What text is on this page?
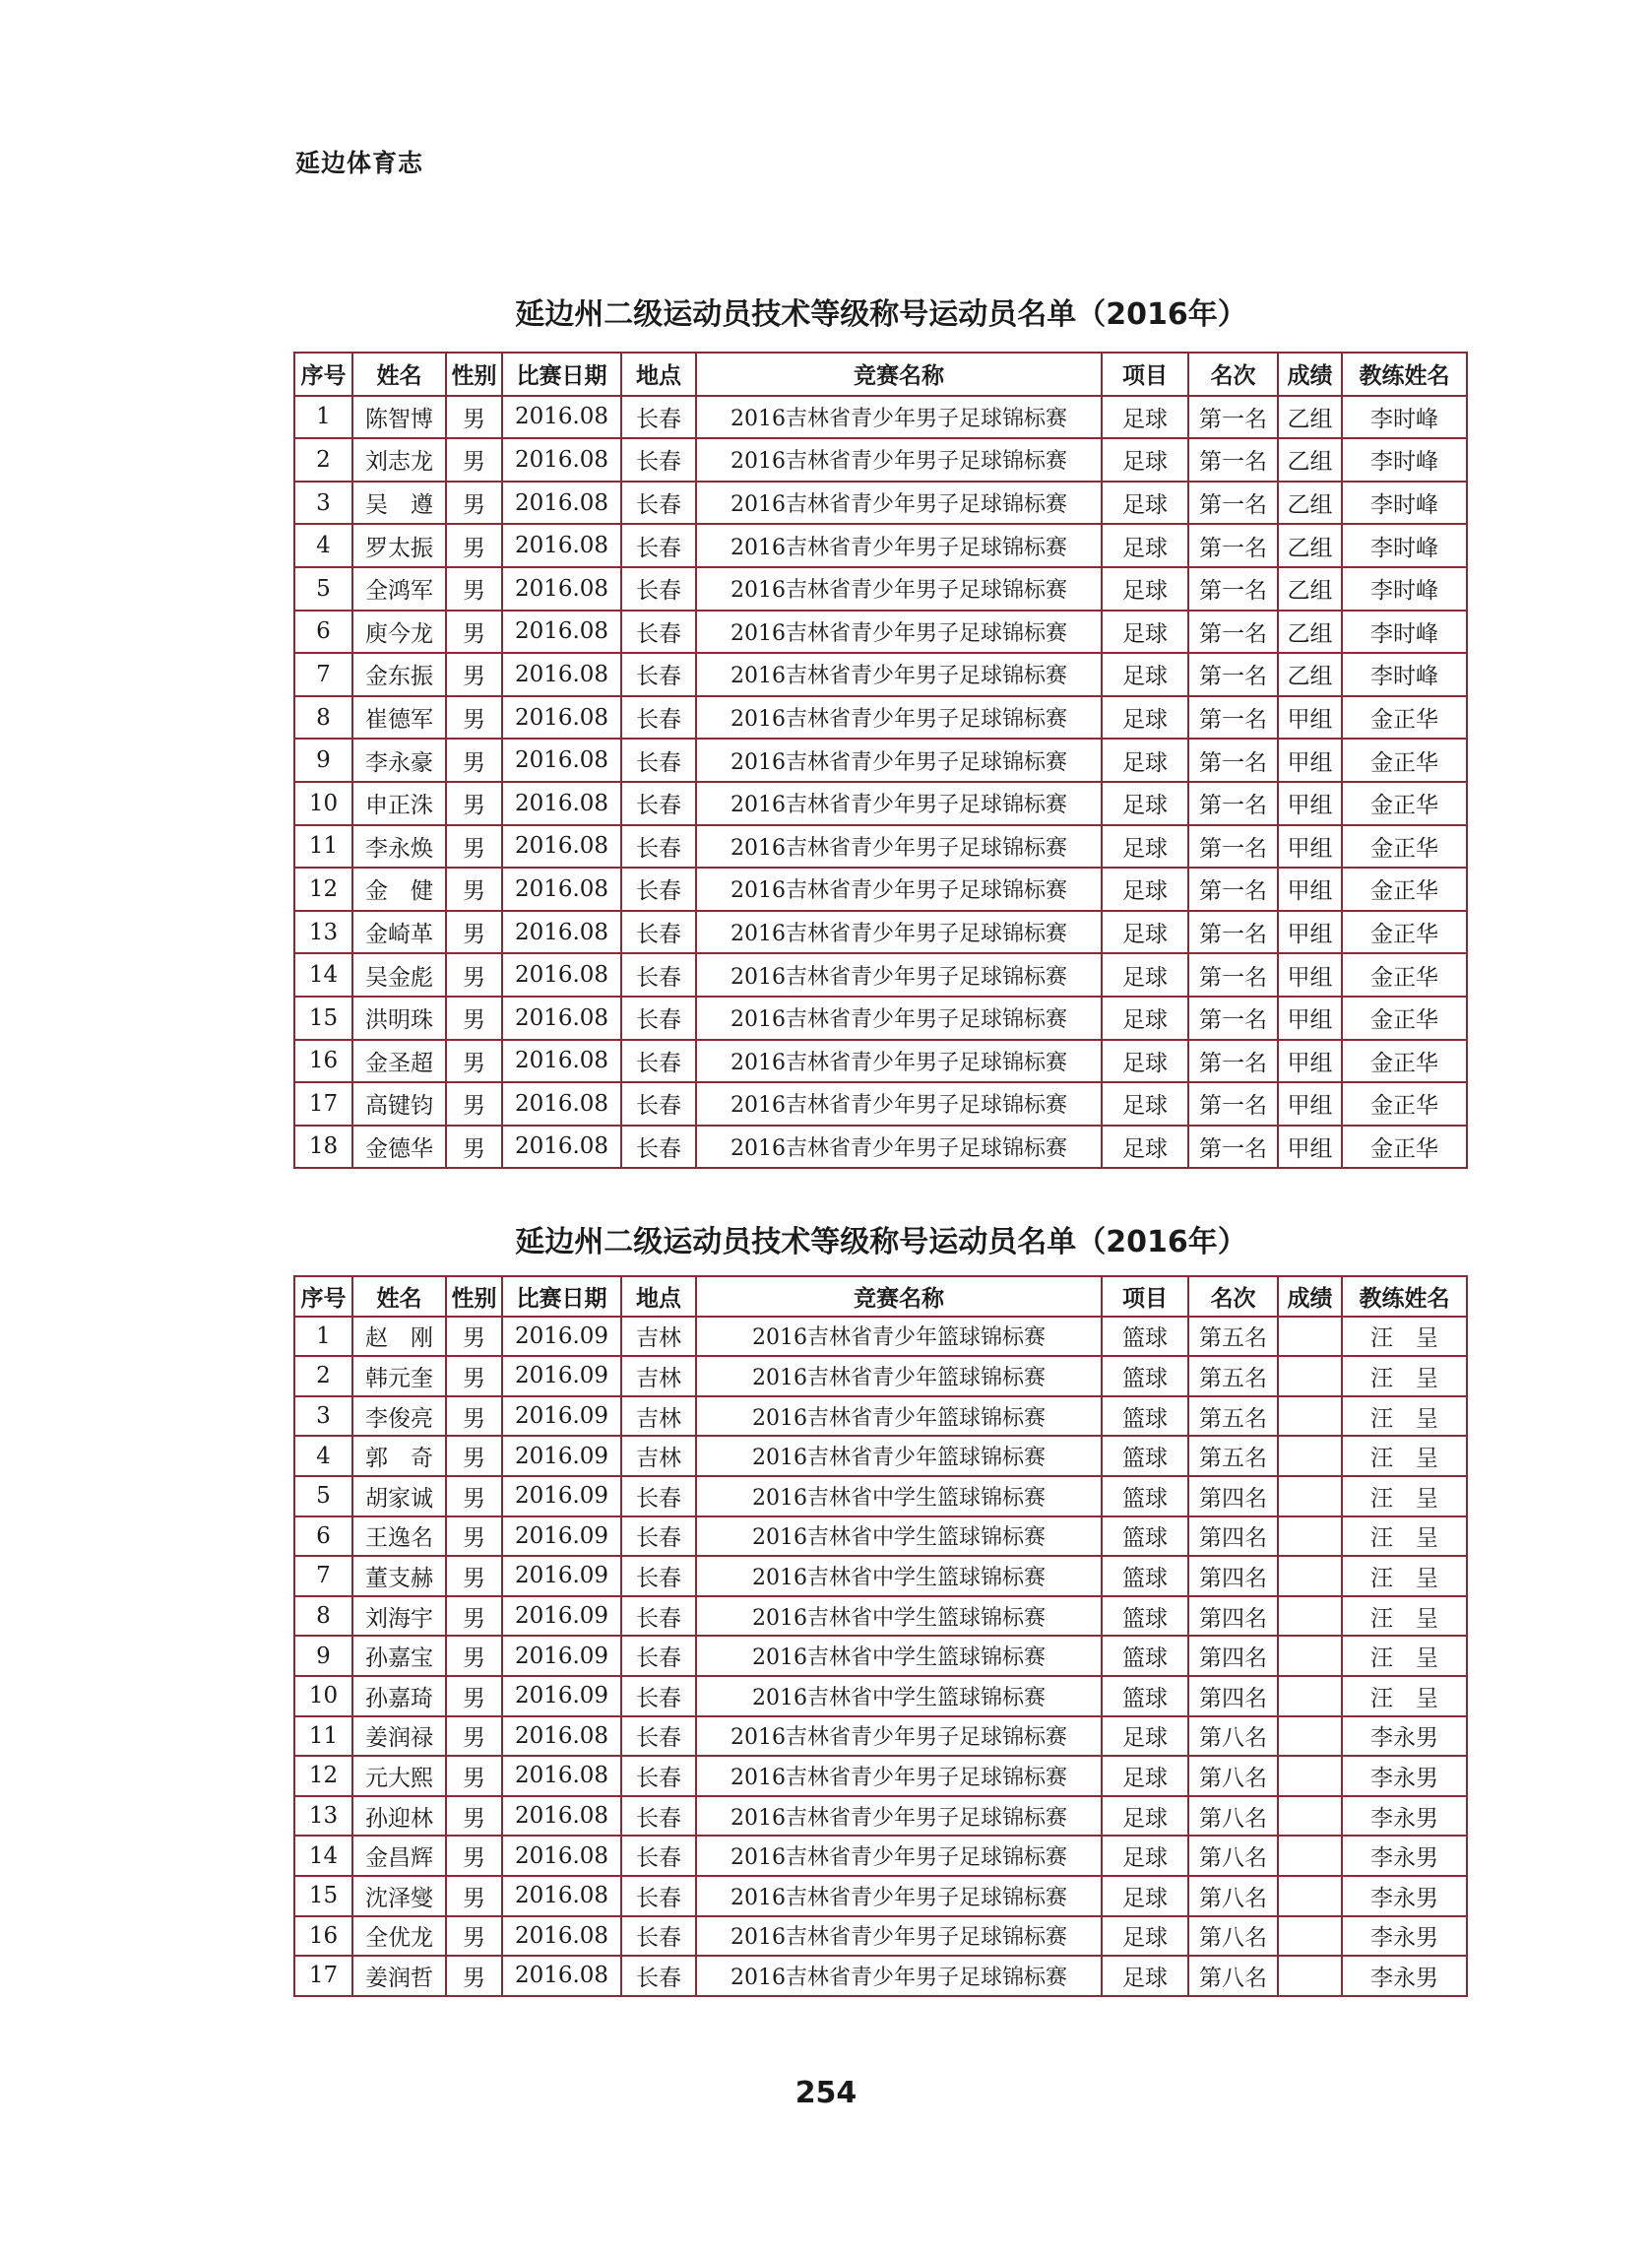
延边体育志
延边州二级运动员技术等级称号运动员名单（2016年）
序号	姓名	性别	比赛日期	地点	竞赛名称	项目	名次	成绩	教练姓名
1	陈智博	男	2016.08	长春	2016吉林省青少年男子足球锦标赛	足球	第一名	乙组	李时峰
2	刘志龙	男	2016.08	长春	2016吉林省青少年男子足球锦标赛	足球	第一名	乙组	李时峰
3	吴　遵	男	2016.08	长春	2016吉林省青少年男子足球锦标赛	足球	第一名	乙组	李时峰
4	罗太振	男	2016.08	长春	2016吉林省青少年男子足球锦标赛	足球	第一名	乙组	李时峰
5	全鸿军	男	2016.08	长春	2016吉林省青少年男子足球锦标赛	足球	第一名	乙组	李时峰
6	庾今龙	男	2016.08	长春	2016吉林省青少年男子足球锦标赛	足球	第一名	乙组	李时峰
7	金东振	男	2016.08	长春	2016吉林省青少年男子足球锦标赛	足球	第一名	乙组	李时峰
8	崔德军	男	2016.08	长春	2016吉林省青少年男子足球锦标赛	足球	第一名	甲组	金正华
9	李永豪	男	2016.08	长春	2016吉林省青少年男子足球锦标赛	足球	第一名	甲组	金正华
10	申正洙	男	2016.08	长春	2016吉林省青少年男子足球锦标赛	足球	第一名	甲组	金正华
11	李永焕	男	2016.08	长春	2016吉林省青少年男子足球锦标赛	足球	第一名	甲组	金正华
12	金　健	男	2016.08	长春	2016吉林省青少年男子足球锦标赛	足球	第一名	甲组	金正华
13	金崎革	男	2016.08	长春	2016吉林省青少年男子足球锦标赛	足球	第一名	甲组	金正华
14	吴金彪	男	2016.08	长春	2016吉林省青少年男子足球锦标赛	足球	第一名	甲组	金正华
15	洪明珠	男	2016.08	长春	2016吉林省青少年男子足球锦标赛	足球	第一名	甲组	金正华
16	金圣超	男	2016.08	长春	2016吉林省青少年男子足球锦标赛	足球	第一名	甲组	金正华
17	高键钧	男	2016.08	长春	2016吉林省青少年男子足球锦标赛	足球	第一名	甲组	金正华
18	金德华	男	2016.08	长春	2016吉林省青少年男子足球锦标赛	足球	第一名	甲组	金正华
延边州二级运动员技术等级称号运动员名单（2016年）
序号	姓名	性别	比赛日期	地点	竞赛名称	项目	名次	成绩	教练姓名
1	赵　刚	男	2016.09	吉林	2016吉林省青少年篮球锦标赛	篮球	第五名		汪　呈
2	韩元奎	男	2016.09	吉林	2016吉林省青少年篮球锦标赛	篮球	第五名		汪　呈
3	李俊亮	男	2016.09	吉林	2016吉林省青少年篮球锦标赛	篮球	第五名		汪　呈
4	郭　奇	男	2016.09	吉林	2016吉林省青少年篮球锦标赛	篮球	第五名		汪　呈
5	胡家诚	男	2016.09	长春	2016吉林省中学生篮球锦标赛	篮球	第四名		汪　呈
6	王逸名	男	2016.09	长春	2016吉林省中学生篮球锦标赛	篮球	第四名		汪　呈
7	董支赫	男	2016.09	长春	2016吉林省中学生篮球锦标赛	篮球	第四名		汪　呈
8	刘海宇	男	2016.09	长春	2016吉林省中学生篮球锦标赛	篮球	第四名		汪　呈
9	孙嘉宝	男	2016.09	长春	2016吉林省中学生篮球锦标赛	篮球	第四名		汪　呈
10	孙嘉琦	男	2016.09	长春	2016吉林省中学生篮球锦标赛	篮球	第四名		汪　呈
11	姜润禄	男	2016.08	长春	2016吉林省青少年男子足球锦标赛	足球	第八名		李永男
12	元大熙	男	2016.08	长春	2016吉林省青少年男子足球锦标赛	足球	第八名		李永男
13	孙迎林	男	2016.08	长春	2016吉林省青少年男子足球锦标赛	足球	第八名		李永男
14	金昌辉	男	2016.08	长春	2016吉林省青少年男子足球锦标赛	足球	第八名		李永男
15	沈泽燮	男	2016.08	长春	2016吉林省青少年男子足球锦标赛	足球	第八名		李永男
16	全优龙	男	2016.08	长春	2016吉林省青少年男子足球锦标赛	足球	第八名		李永男
17	姜润哲	男	2016.08	长春	2016吉林省青少年男子足球锦标赛	足球	第八名		李永男
254
